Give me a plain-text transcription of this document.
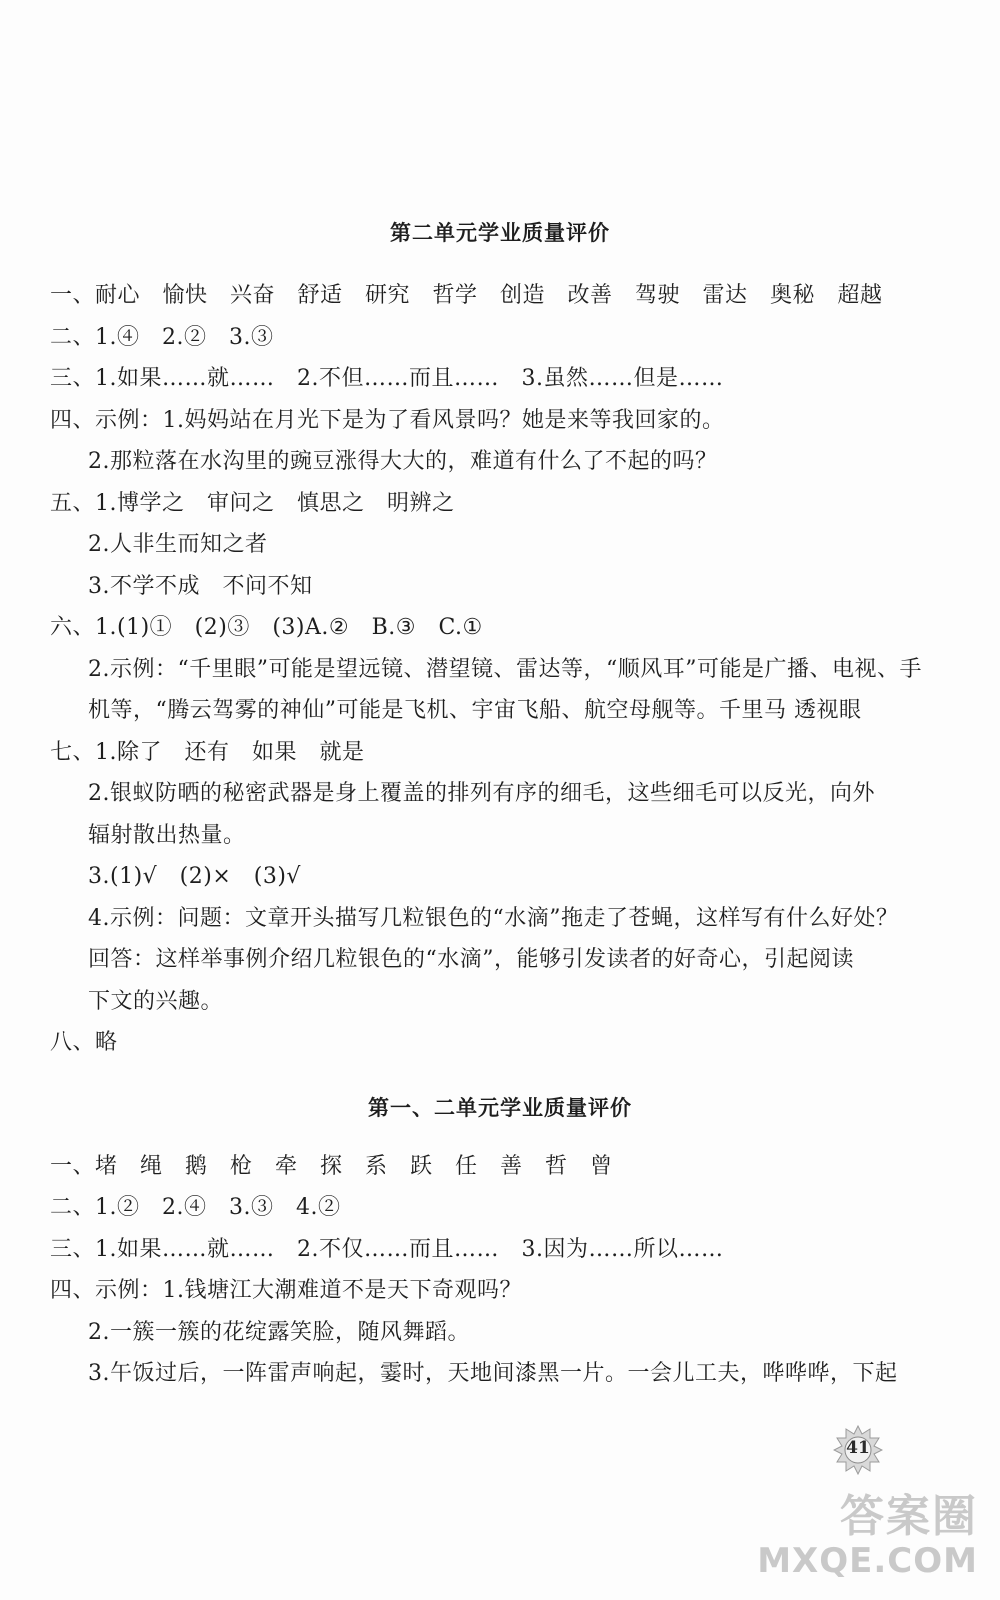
第二单元学业质量评价
一、耐心　愉快　兴奋　舒适　研究　哲学　创造　改善　驾驶　雷达　奥秘　超越
二、1.④　2.②　3.③
三、1.如果……就……　2.不但……而且……　3.虽然……但是……
四、示例：1.妈妈站在月光下是为了看风景吗？她是来等我回家的。
2.那粒落在水沟里的豌豆涨得大大的，难道有什么了不起的吗？
五、1.博学之　审问之　慎思之　明辨之
2.人非生而知之者
3.不学不成　不问不知
六、1.(1)①　(2)③　(3)A.②　B.③　C.①
2.示例：“千里眼”可能是望远镜、潜望镜、雷达等，“顺风耳”可能是广播、电视、手
机等，“腾云驾雾的神仙”可能是飞机、宇宙飞船、航空母舰等。千里马 透视眼
七、1.除了　还有　如果　就是
2.银蚁防晒的秘密武器是身上覆盖的排列有序的细毛，这些细毛可以反光，向外
辐射散出热量。
3.(1)√　(2)×　(3)√
4.示例：问题：文章开头描写几粒银色的“水滴”拖走了苍蝇，这样写有什么好处？
回答：这样举事例介绍几粒银色的“水滴”，能够引发读者的好奇心，引起阅读
下文的兴趣。
八、略
第一、二单元学业质量评价
一、堵　绳　鹅　枪　牵　探　系　跃　任　善　哲　曾
二、1.②　2.④　3.③　4.②
三、1.如果……就……　2.不仅……而且……　3.因为……所以……
四、示例：1.钱塘江大潮难道不是天下奇观吗？
2.一簇一簇的花绽露笑脸，随风舞蹈。
3.午饭过后，一阵雷声响起，霎时，天地间漆黑一片。一会儿工夫，哗哗哗，下起
41
答案圈
MXQE.COM
